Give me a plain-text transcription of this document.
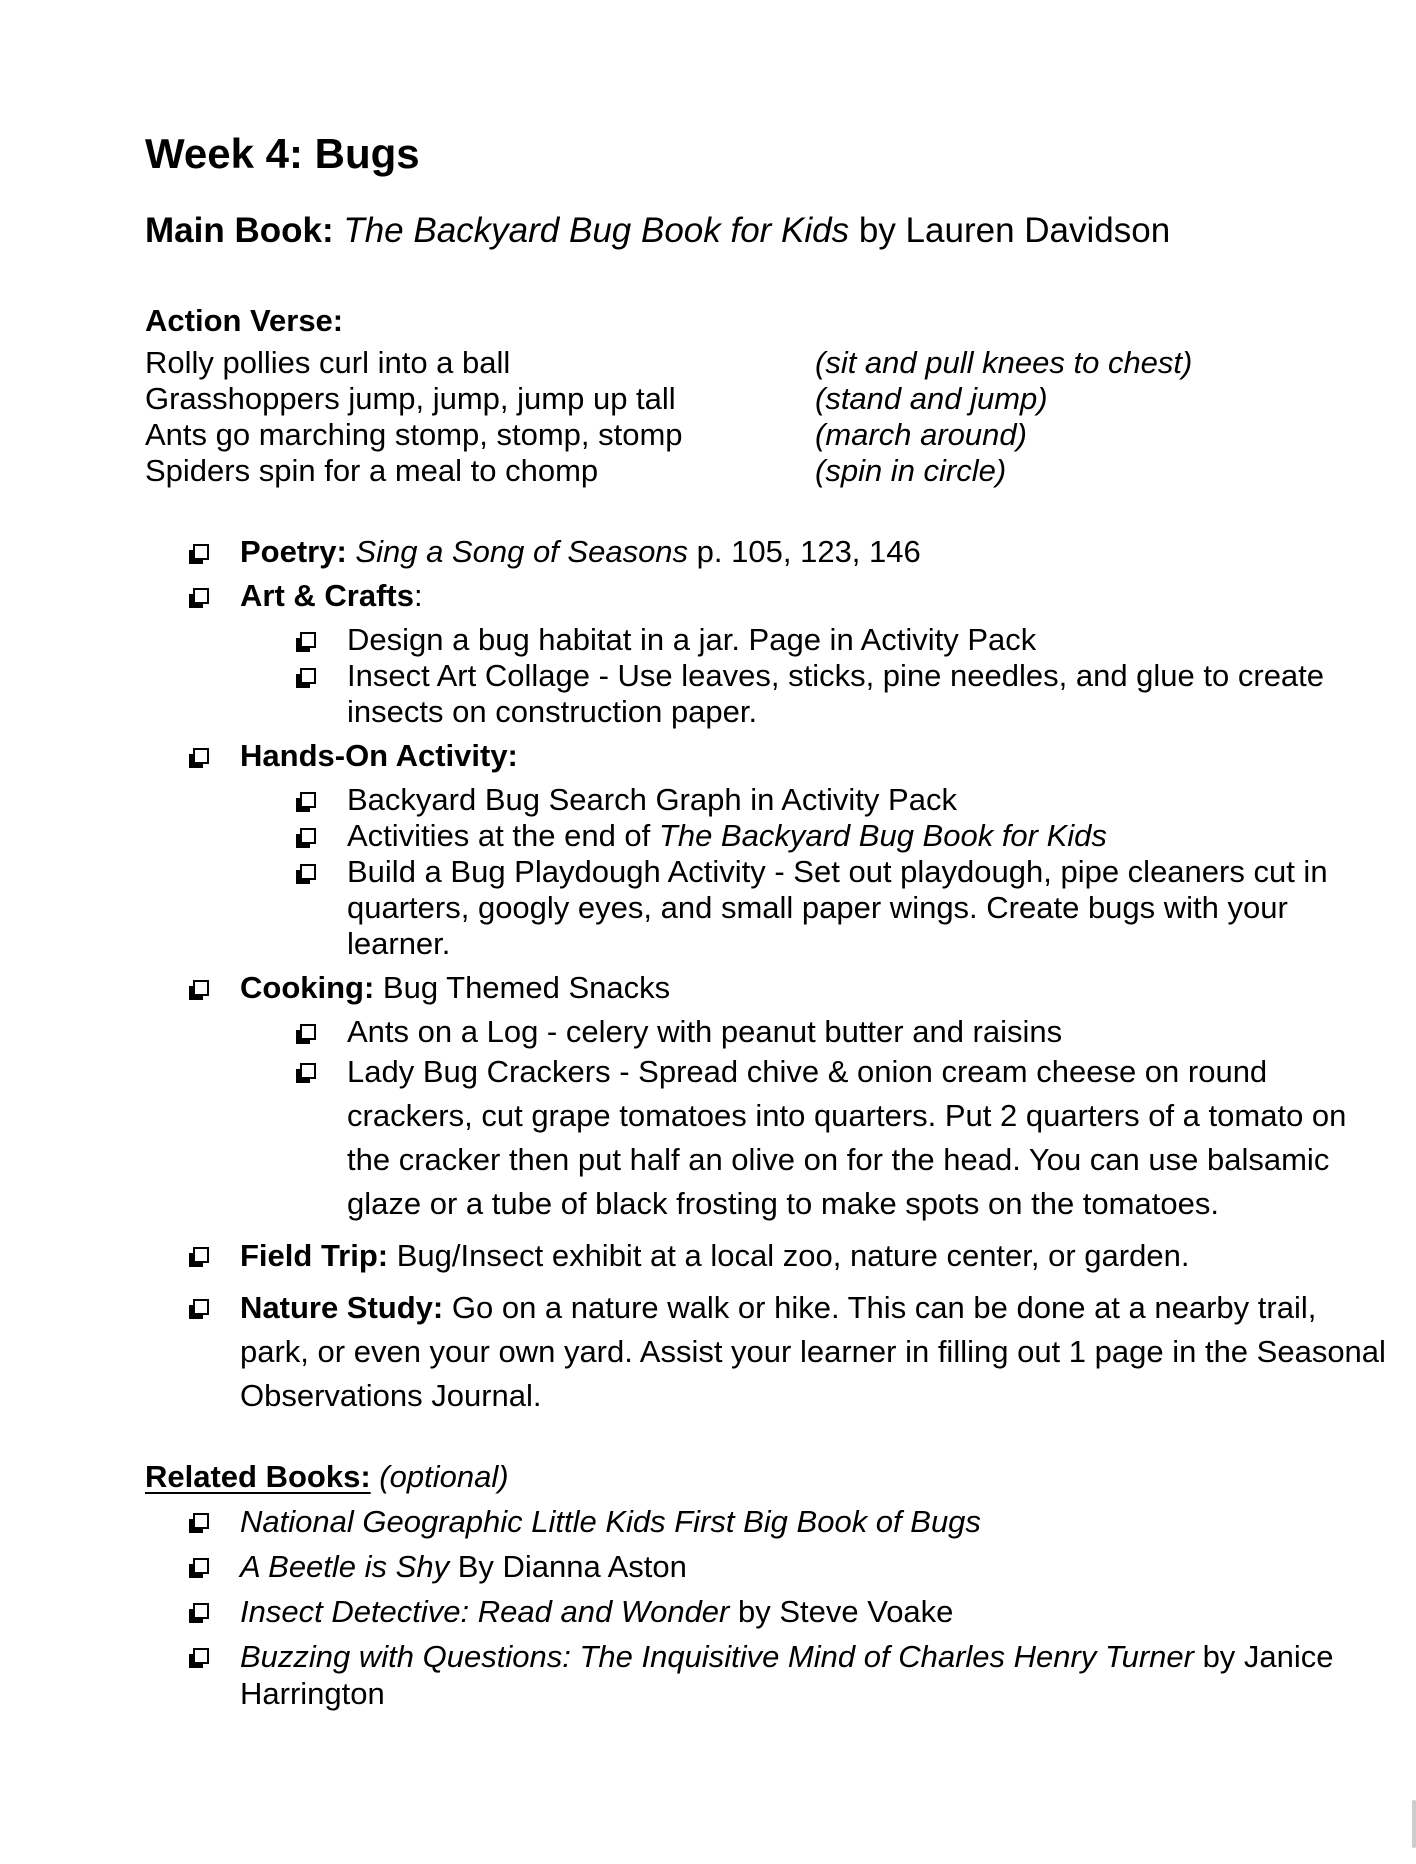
Week 4: Bugs

Main Book: The Backyard Bug Book for Kids by Lauren Davidson

Action Verse:
Rolly pollies curl into a ball	(sit and pull knees to chest)
Grasshoppers jump, jump, jump up tall	(stand and jump)
Ants go marching stomp, stomp, stomp	(march around)
Spiders spin for a meal to chomp	(spin in circle)
Poetry: Sing a Song of Seasons p. 105, 123, 146
Art & Crafts:
Design a bug habitat in a jar. Page in Activity Pack
Insect Art Collage - Use leaves, sticks, pine needles, and glue to create insects on construction paper.
Hands-On Activity:
Backyard Bug Search Graph in Activity Pack
Activities at the end of The Backyard Bug Book for Kids
Build a Bug Playdough Activity - Set out playdough, pipe cleaners cut in quarters, googly eyes, and small paper wings. Create bugs with your learner.
Cooking: Bug Themed Snacks
Ants on a Log - celery with peanut butter and raisins
Lady Bug Crackers - Spread chive & onion cream cheese on round crackers, cut grape tomatoes into quarters. Put 2 quarters of a tomato on the cracker then put half an olive on for the head. You can use balsamic glaze or a tube of black frosting to make spots on the tomatoes.
Field Trip: Bug/Insect exhibit at a local zoo, nature center, or garden.
Nature Study: Go on a nature walk or hike. This can be done at a nearby trail, park, or even your own yard. Assist your learner in filling out 1 page in the Seasonal Observations Journal.
Related Books: (optional)
National Geographic Little Kids First Big Book of Bugs
A Beetle is Shy By Dianna Aston
Insect Detective: Read and Wonder by Steve Voake
Buzzing with Questions: The Inquisitive Mind of Charles Henry Turner by Janice Harrington
